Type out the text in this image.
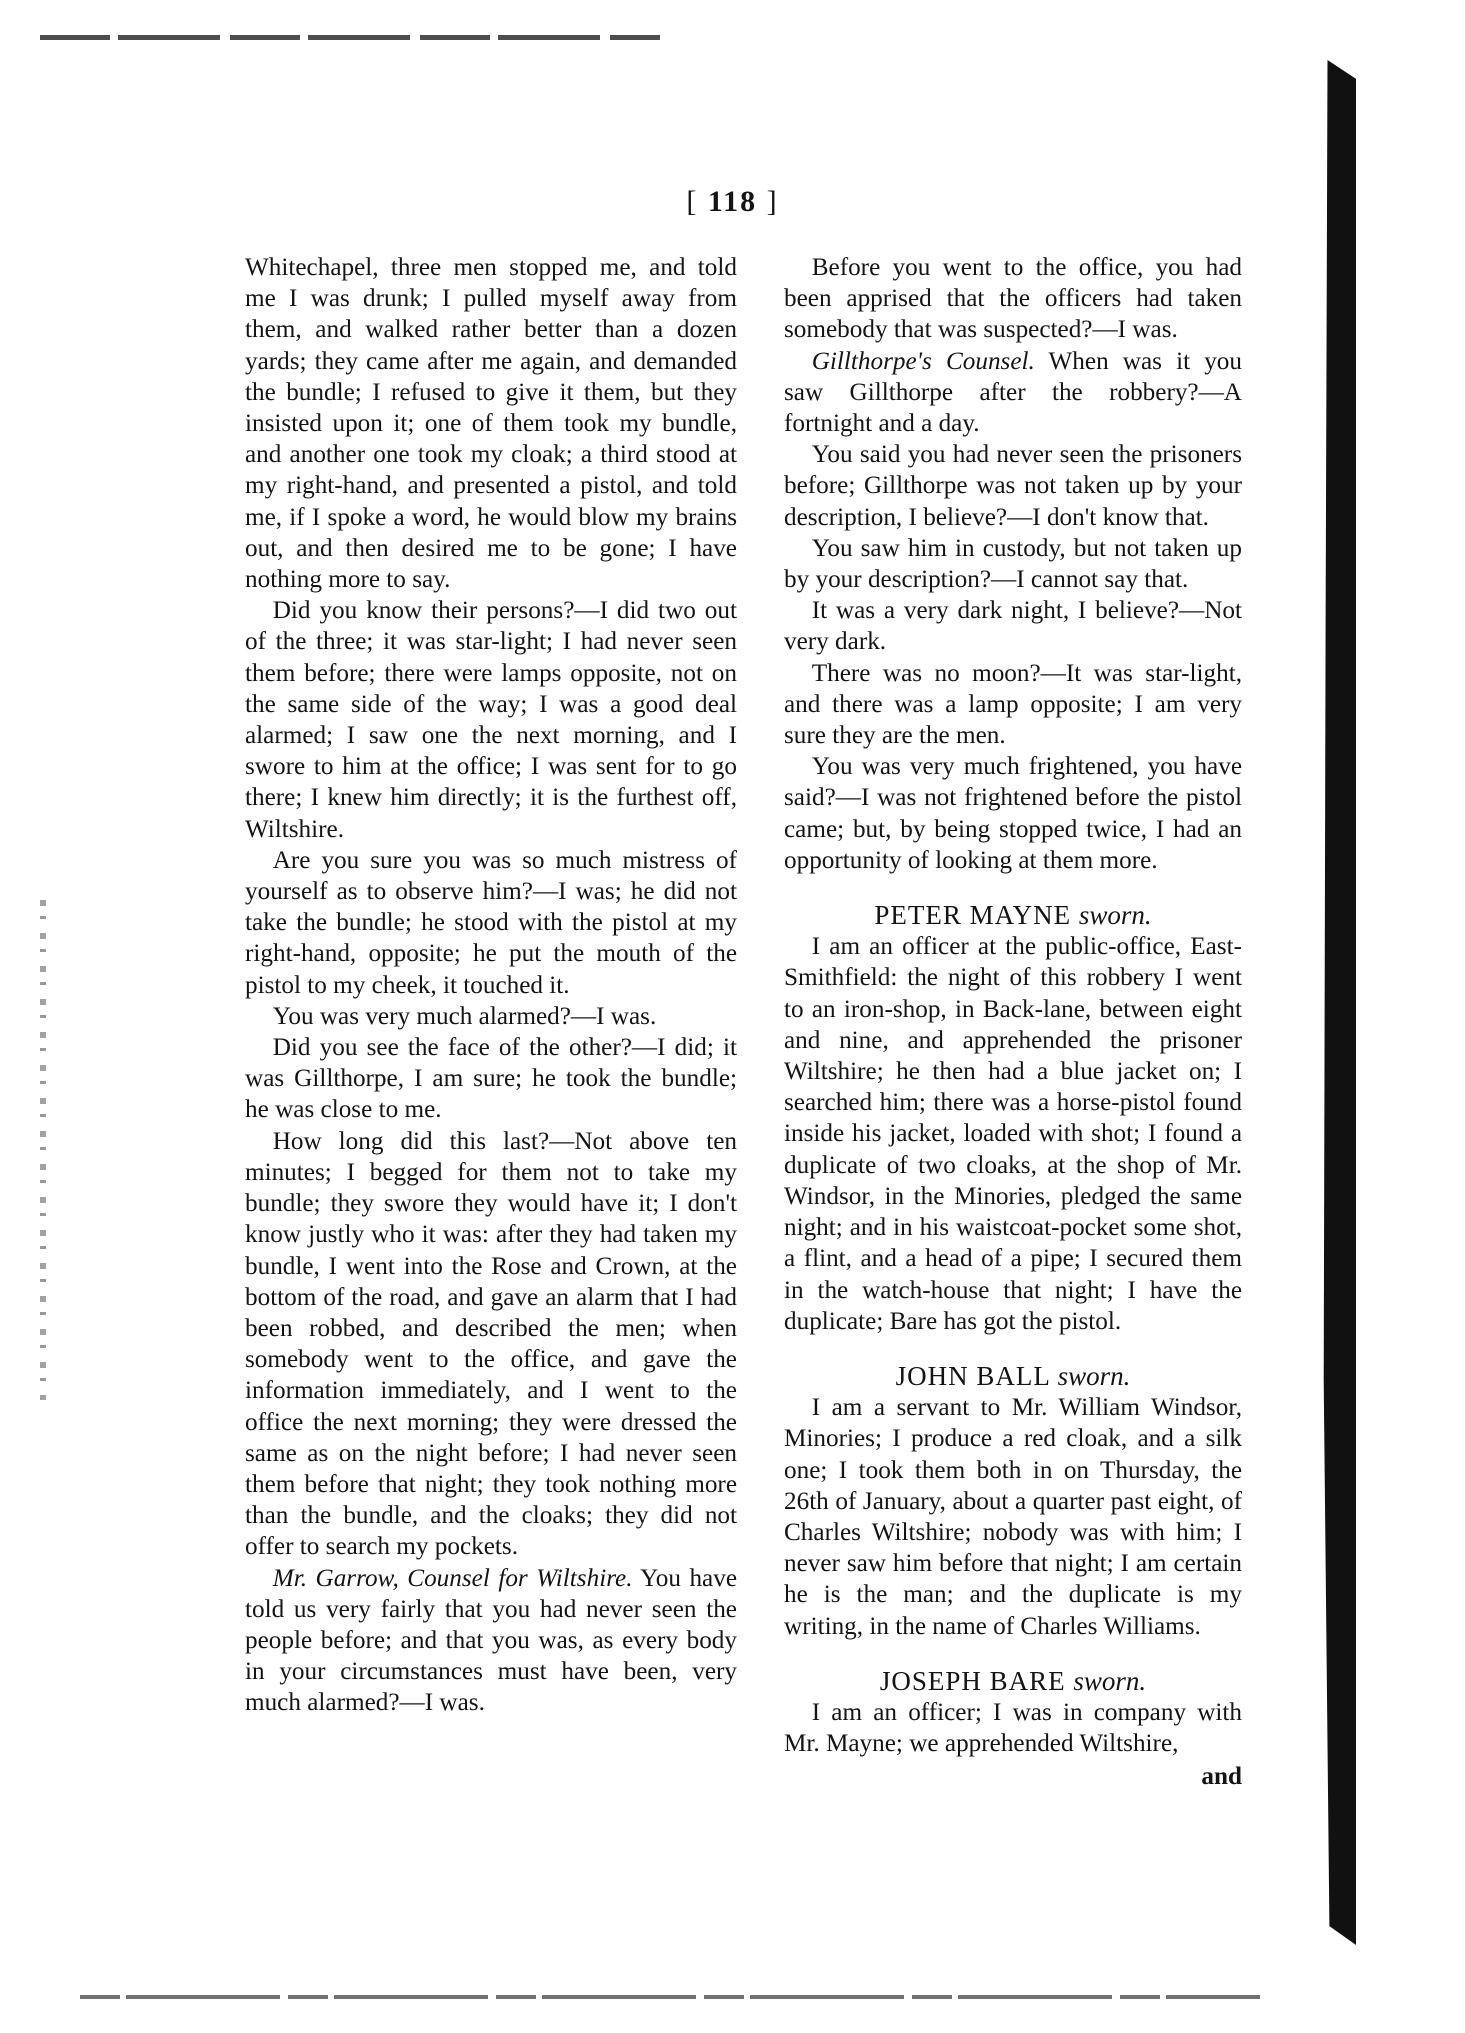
[ 118 ]

Whitechapel, three men stopped me, and told me I was drunk; I pulled myself away from them, and walked rather better than a dozen yards; they came after me again, and demanded the bundle; I refused to give it them, but they insisted upon it; one of them took my bundle, and another one took my cloak; a third stood at my right-hand, and presented a pistol, and told me, if I spoke a word, he would blow my brains out, and then desired me to be gone; I have nothing more to say.

Did you know their persons?—I did two out of the three; it was star-light; I had never seen them before; there were lamps opposite, not on the same side of the way; I was a good deal alarmed; I saw one the next morning, and I swore to him at the office; I was sent for to go there; I knew him directly; it is the furthest off, Wiltshire.

Are you sure you was so much mistress of yourself as to observe him?—I was; he did not take the bundle; he stood with the pistol at my right-hand, opposite; he put the mouth of the pistol to my cheek, it touched it.

You was very much alarmed?—I was.

Did you see the face of the other?—I did; it was Gillthorpe, I am sure; he took the bundle; he was close to me.

How long did this last?—Not above ten minutes; I begged for them not to take my bundle; they swore they would have it; I don't know justly who it was: after they had taken my bundle, I went into the Rose and Crown, at the bottom of the road, and gave an alarm that I had been robbed, and described the men; when somebody went to the office, and gave the information immediately, and I went to the office the next morning; they were dressed the same as on the night before; I had never seen them before that night; they took nothing more than the bundle, and the cloaks; they did not offer to search my pockets.

Mr. Garrow, Counsel for Wiltshire. You have told us very fairly that you had never seen the people before; and that you was, as every body in your circumstances must have been, very much alarmed?—I was.

Before you went to the office, you had been apprised that the officers had taken somebody that was suspected?—I was.

Gillthorpe's Counsel. When was it you saw Gillthorpe after the robbery?—A fortnight and a day.

You said you had never seen the prisoners before; Gillthorpe was not taken up by your description, I believe?—I don't know that.

You saw him in custody, but not taken up by your description?—I cannot say that.

It was a very dark night, I believe?—Not very dark.

There was no moon?—It was star-light, and there was a lamp opposite; I am very sure they are the men.

You was very much frightened, you have said?—I was not frightened before the pistol came; but, by being stopped twice, I had an opportunity of looking at them more.

PETER MAYNE sworn.

I am an officer at the public-office, East-Smithfield: the night of this robbery I went to an iron-shop, in Back-lane, between eight and nine, and apprehended the prisoner Wiltshire; he then had a blue jacket on; I searched him; there was a horse-pistol found inside his jacket, loaded with shot; I found a duplicate of two cloaks, at the shop of Mr. Windsor, in the Minories, pledged the same night; and in his waistcoat-pocket some shot, a flint, and a head of a pipe; I secured them in the watch-house that night; I have the duplicate; Bare has got the pistol.

JOHN BALL sworn.

I am a servant to Mr. William Windsor, Minories; I produce a red cloak, and a silk one; I took them both in on Thursday, the 26th of January, about a quarter past eight, of Charles Wiltshire; nobody was with him; I never saw him before that night; I am certain he is the man; and the duplicate is my writing, in the name of Charles Williams.

JOSEPH BARE sworn.

I am an officer; I was in company with Mr. Mayne; we apprehended Wiltshire,

and
